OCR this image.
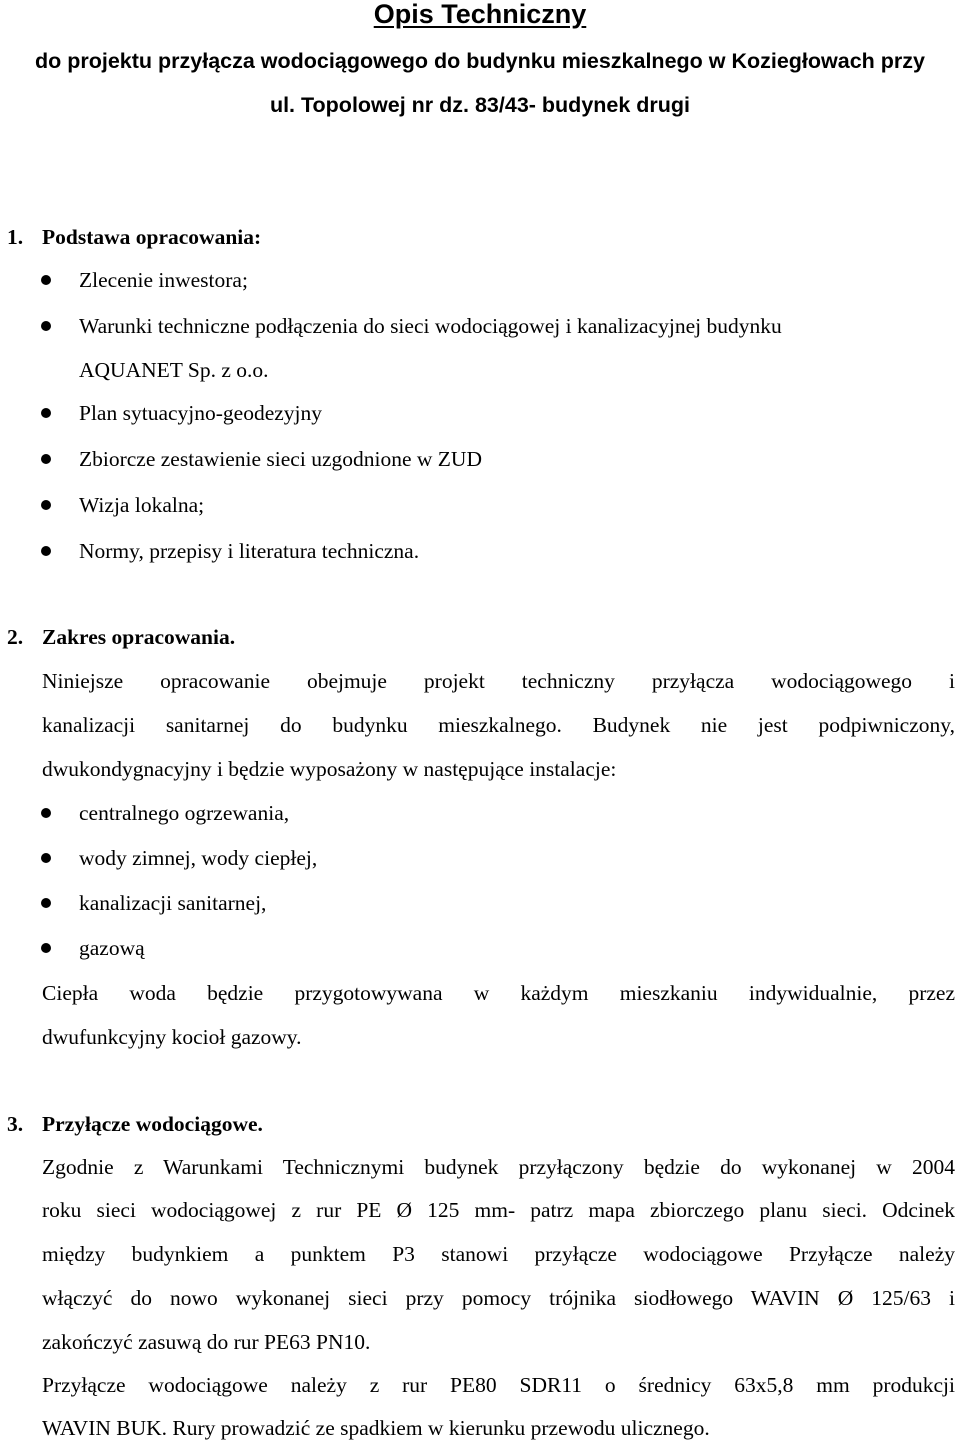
Opis Techniczny
do projektu przyłącza wodociągowego do budynku mieszkalnego w Koziegłowach przy
ul. Topolowej nr dz. 83/43- budynek drugi
1. Podstawa opracowania:
Zlecenie inwestora;
Warunki techniczne podłączenia do sieci wodociągowej i kanalizacyjnej budynku
AQUANET Sp. z o.o.
Plan sytuacyjno-geodezyjny
Zbiorcze zestawienie sieci uzgodnione w ZUD
Wizja lokalna;
Normy, przepisy i literatura techniczna.
2. Zakres opracowania.
Niniejsze opracowanie obejmuje projekt techniczny przyłącza wodociągowego i
kanalizacji sanitarnej do budynku mieszkalnego. Budynek nie jest podpiwniczony,
dwukondygnacyjny i będzie wyposażony w następujące instalacje:
centralnego ogrzewania,
wody zimnej, wody ciepłej,
kanalizacji sanitarnej,
gazową
Ciepła woda będzie przygotowywana w każdym mieszkaniu indywidualnie, przez
dwufunkcyjny kocioł gazowy.
3. Przyłącze wodociągowe.
Zgodnie z Warunkami Technicznymi budynek przyłączony będzie do wykonanej w 2004
roku sieci wodociągowej z rur PE Ø 125 mm- patrz mapa zbiorczego planu sieci. Odcinek
między budynkiem a punktem P3 stanowi przyłącze wodociągowe Przyłącze należy
włączyć do nowo wykonanej sieci przy pomocy trójnika siodłowego WAVIN Ø 125/63 i
zakończyć zasuwą do rur PE63 PN10.
Przyłącze wodociągowe należy z rur PE80 SDR11 o średnicy 63x5,8 mm produkcji
WAVIN BUK. Rury prowadzić ze spadkiem w kierunku przewodu ulicznego.
